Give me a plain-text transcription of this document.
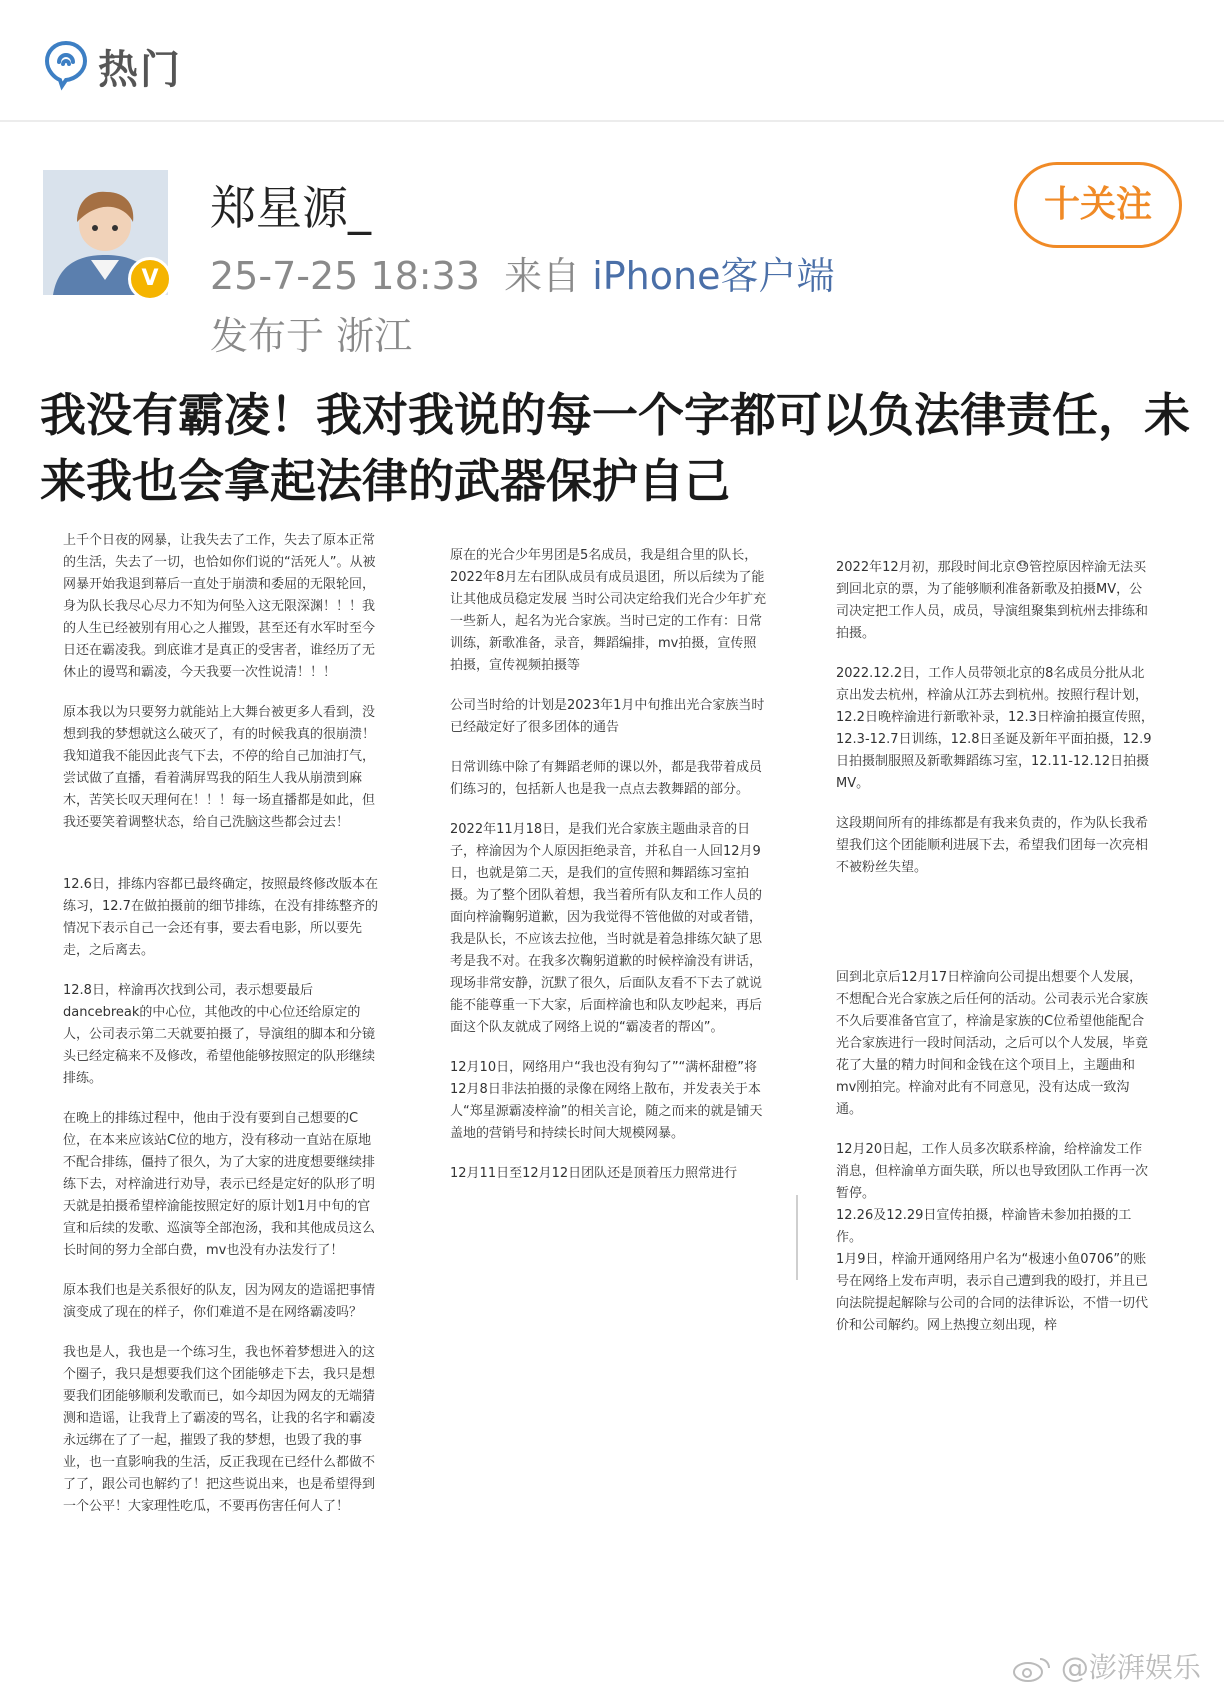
热门
V
郑星源_
25-7-25 18:33 来自 iPhone客户端
发布于 浙江
十关注
我没有霸凌！我对我说的每一个字都可以负法律责任，未来我也会拿起法律的武器保护自己

上千个日夜的网暴，让我失去了工作，失去了原本正常的生活，失去了一切，也恰如你们说的“活死人”。从被网暴开始我退到幕后一直处于崩溃和委屈的无限轮回，身为队长我尽心尽力不知为何坠入这无限深渊！！！我的人生已经被别有用心之人摧毁，甚至还有水军时至今日还在霸凌我。到底谁才是真正的受害者，谁经历了无休止的谩骂和霸凌，今天我要一次性说清！！！

原本我以为只要努力就能站上大舞台被更多人看到，没想到我的梦想就这么破灭了，有的时候我真的很崩溃！我知道我不能因此丧气下去，不停的给自己加油打气，尝试做了直播，看着满屏骂我的陌生人我从崩溃到麻木，苦笑长叹天理何在！！！每一场直播都是如此，但我还要笑着调整状态，给自己洗脑这些都会过去！

12.6日，排练内容都已最终确定，按照最终修改版本在练习，12.7在做拍摄前的细节排练，在没有排练整齐的情况下表示自己一会还有事，要去看电影，所以要先走，之后离去。

12.8日，梓渝再次找到公司，表示想要最后dancebreak的中心位，其他改的中心位还给原定的人，公司表示第二天就要拍摄了，导演组的脚本和分镜头已经定稿来不及修改，希望他能够按照定的队形继续排练。

在晚上的排练过程中，他由于没有要到自己想要的C位，在本来应该站C位的地方，没有移动一直站在原地不配合排练，僵持了很久，为了大家的进度想要继续排练下去，对梓渝进行劝导，表示已经是定好的队形了明天就是拍摄希望梓渝能按照定好的原计划1月中旬的官宣和后续的发歌、巡演等全部泡汤，我和其他成员这么长时间的努力全部白费，mv也没有办法发行了！

原本我们也是关系很好的队友，因为网友的造谣把事情演变成了现在的样子，你们难道不是在网络霸凌吗？

我也是人，我也是一个练习生，我也怀着梦想进入的这个圈子，我只是想要我们这个团能够走下去，我只是想要我们团能够顺利发歌而已，如今却因为网友的无端猜测和造谣，让我背上了霸凌的骂名，让我的名字和霸凌永远绑在了了一起，摧毁了我的梦想，也毁了我的事业，也一直影响我的生活，反正我现在已经什么都做不了了，跟公司也解约了！把这些说出来，也是希望得到一个公平！大家理性吃瓜，不要再伤害任何人了！

原在的光合少年男团是5名成员，我是组合里的队长，2022年8月左右团队成员有成员退团，所以后续为了能让其他成员稳定发展 当时公司决定给我们光合少年扩充一些新人，起名为光合家族。当时已定的工作有：日常训练，新歌准备，录音，舞蹈编排，mv拍摄，宣传照拍摄，宣传视频拍摄等

公司当时给的计划是2023年1月中旬推出光合家族当时已经敲定好了很多团体的通告

日常训练中除了有舞蹈老师的课以外，都是我带着成员们练习的，包括新人也是我一点点去教舞蹈的部分。

2022年11月18日，是我们光合家族主题曲录音的日子，梓渝因为个人原因拒绝录音，并私自一人回12月9日，也就是第二天，是我们的宣传照和舞蹈练习室拍摄。为了整个团队着想，我当着所有队友和工作人员的面向梓渝鞠躬道歉，因为我觉得不管他做的对或者错，我是队长，不应该去拉他，当时就是着急排练欠缺了思考是我不对。在我多次鞠躬道歉的时候梓渝没有讲话，现场非常安静，沉默了很久，后面队友看不下去了就说能不能尊重一下大家，后面梓渝也和队友吵起来，再后面这个队友就成了网络上说的“霸凌者的帮凶”。

12月10日，网络用户“我也没有狗勾了”“满杯甜橙”将12月8日非法拍摄的录像在网络上散布，并发表关于本人“郑星源霸凌梓渝”的相关言论，随之而来的就是铺天盖地的营销号和持续长时间大规模网暴。

12月11日至12月12日团队还是顶着压力照常进行

2022年12月初，那段时间北京😓管控原因梓渝无法买到回北京的票，为了能够顺利准备新歌及拍摄MV，公司决定把工作人员，成员，导演组聚集到杭州去排练和拍摄。

2022.12.2日，工作人员带领北京的8名成员分批从北京出发去杭州，梓渝从江苏去到杭州。按照行程计划，12.2日晚梓渝进行新歌补录，12.3日梓渝拍摄宣传照，12.3-12.7日训练，12.8日圣诞及新年平面拍摄，12.9日拍摄制服照及新歌舞蹈练习室，12.11-12.12日拍摄MV。

这段期间所有的排练都是有我来负责的，作为队长我希望我们这个团能顺利进展下去，希望我们团每一次亮相不被粉丝失望。

回到北京后12月17日梓渝向公司提出想要个人发展，不想配合光合家族之后任何的活动。公司表示光合家族不久后要准备官宣了，梓渝是家族的C位希望他能配合光合家族进行一段时间活动，之后可以个人发展，毕竟花了大量的精力时间和金钱在这个项目上，主题曲和mv刚拍完。梓渝对此有不同意见，没有达成一致沟通。

12月20日起，工作人员多次联系梓渝，给梓渝发工作消息，但梓渝单方面失联，所以也导致团队工作再一次暂停。

12.26及12.29日宣传拍摄，梓渝皆未参加拍摄的工作。

1月9日，梓渝开通网络用户名为“极速小鱼0706”的账号在网络上发布声明，表示自己遭到我的殴打，并且已向法院提起解除与公司的合同的法律诉讼，不惜一切代价和公司解约。网上热搜立刻出现，梓

@澎湃娱乐
